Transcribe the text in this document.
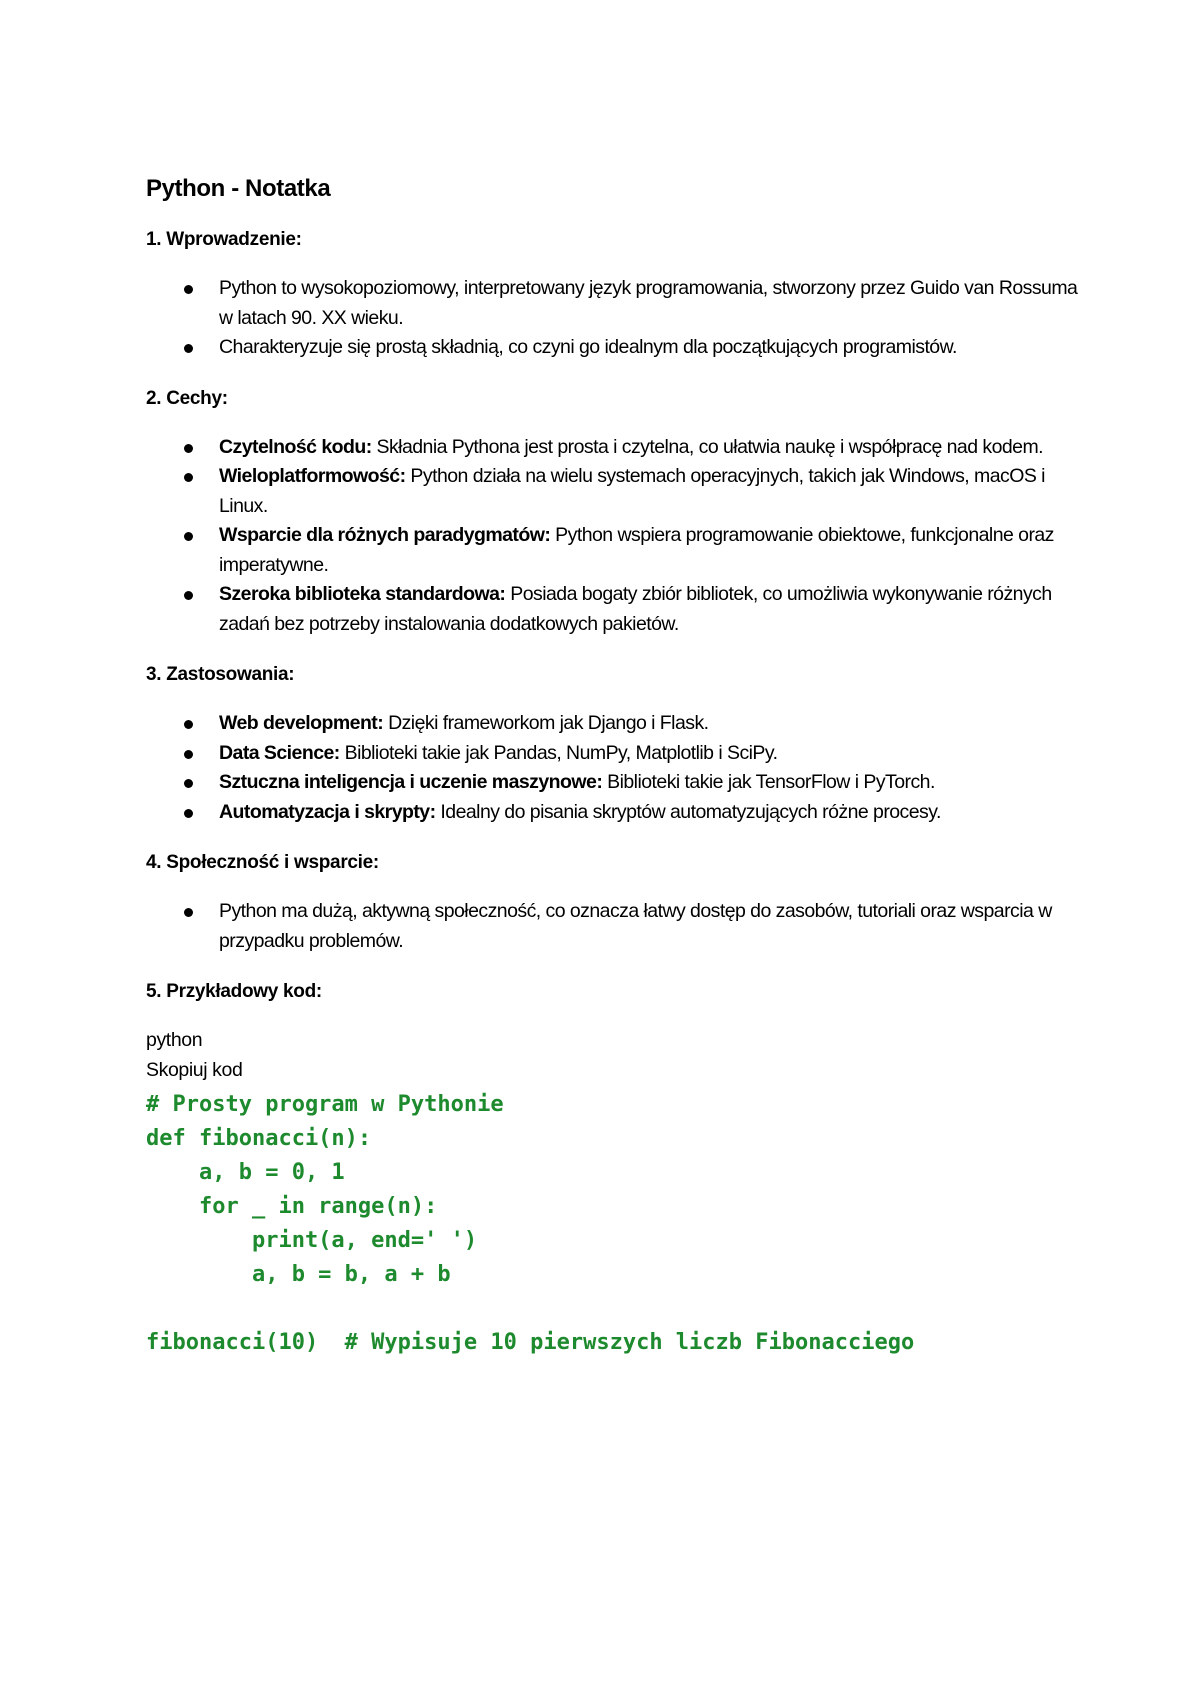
Python - Notatka
1. Wprowadzenie:
Python to wysokopoziomowy, interpretowany język programowania, stworzony przez Guido van Rossuma w latach 90. XX wieku.
Charakteryzuje się prostą składnią, co czyni go idealnym dla początkujących programistów.
2. Cechy:
Czytelność kodu: Składnia Pythona jest prosta i czytelna, co ułatwia naukę i współpracę nad kodem.
Wieloplatformowość: Python działa na wielu systemach operacyjnych, takich jak Windows, macOS i Linux.
Wsparcie dla różnych paradygmatów: Python wspiera programowanie obiektowe, funkcjonalne oraz imperatywne.
Szeroka biblioteka standardowa: Posiada bogaty zbiór bibliotek, co umożliwia wykonywanie różnych zadań bez potrzeby instalowania dodatkowych pakietów.
3. Zastosowania:
Web development: Dzięki frameworkom jak Django i Flask.
Data Science: Biblioteki takie jak Pandas, NumPy, Matplotlib i SciPy.
Sztuczna inteligencja i uczenie maszynowe: Biblioteki takie jak TensorFlow i PyTorch.
Automatyzacja i skrypty: Idealny do pisania skryptów automatyzujących różne procesy.
4. Społeczność i wsparcie:
Python ma dużą, aktywną społeczność, co oznacza łatwy dostęp do zasobów, tutoriali oraz wsparcia w przypadku problemów.
5. Przykładowy kod:
python
Skopiuj kod
# Prosty program w Pythonie
def fibonacci(n):
a, b = 0, 1
for _ in range(n):
print(a, end=' ')
a, b = b, a + b
fibonacci(10)  # Wypisuje 10 pierwszych liczb Fibonacciego
